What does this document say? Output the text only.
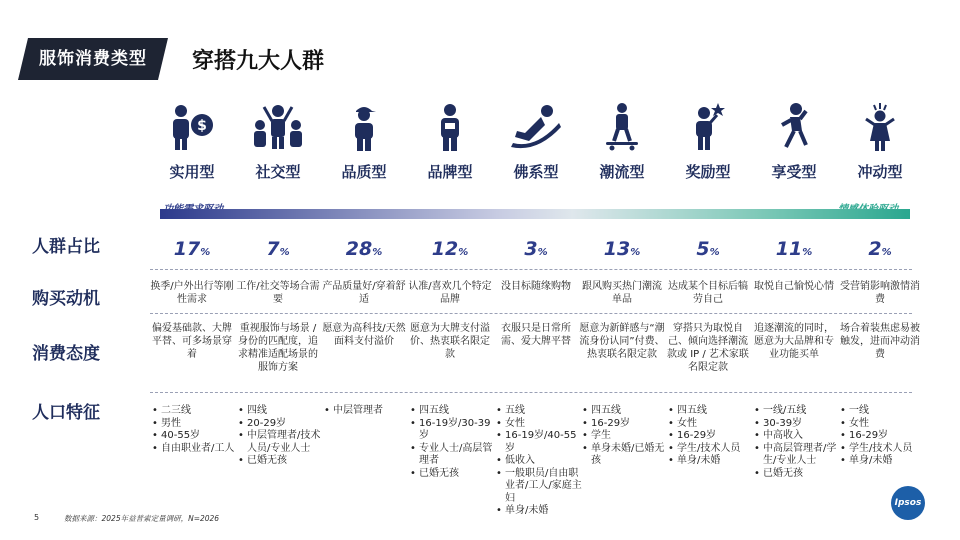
服饰消费类型	穿搭九大人群
$
实用型	社交型	品质型	品牌型	佛系型	潮流型	奖励型	享受型	冲动型
人群占比
购买动机
消费态度
人口特征
17%	7%	28%	12%	3%	13%	5%	11%	2%
换季/户外出行等刚性需求
工作/社交等场合需要
产品质量好/穿着舒适
认准/喜欢几个特定品牌
没目标随缘购物	跟风购买热门潮流单品
达成某个目标后犒劳自己
取悦自己愉悦心情 受营销影响激情消费
偏爱基础款、大牌平替、可多场景穿着
重视服饰与场景 / 身份的匹配度，追求精准适配场景的服饰方案
愿意为高科技/天然面料支付溢价
愿意为大牌支付溢价、热衷联名限定款
衣服只是日常所需、爱大牌平替
愿意为新鲜感与“潮流身份认同”付费、热衷联名限定款
穿搭只为取悦自己、倾向选择潮流款或 IP / 艺术家联名限定款
追逐潮流的同时，愿意为大品牌和专业功能买单
场合着装焦虑易被触发，进而冲动消费
• 二三线
• 男性
• 40-55岁
• 自由职业者/工人
• 四线
• 20-29岁
• 中层管理者/技术人员/专业人士
• 已婚无孩
• 中层管理者
•	四五线
• 16-19岁/30-39岁
• 专业人士/高层管理者
• 已婚无孩
• 五线
• 女性
• 16-19岁/40-55岁
• 低收入
• 一般职员/自由职业者/工人/家庭主妇
• 单身/未婚
• 四五线
• 16-29岁
• 学生
• 单身未婚/已婚无孩
• 四五线
• 女性
• 16-29岁
• 学生/技术人员
• 单身/未婚
• 一线/五线
• 30-39岁
• 中高收入
• 中高层管理者/学生/专业人士
• 已婚无孩
• 一线
• 女性
• 16-29岁
• 学生/技术人员
• 单身/未婚
5	数据来源：2025年益普索定量调研，N=2026
Ipsos
